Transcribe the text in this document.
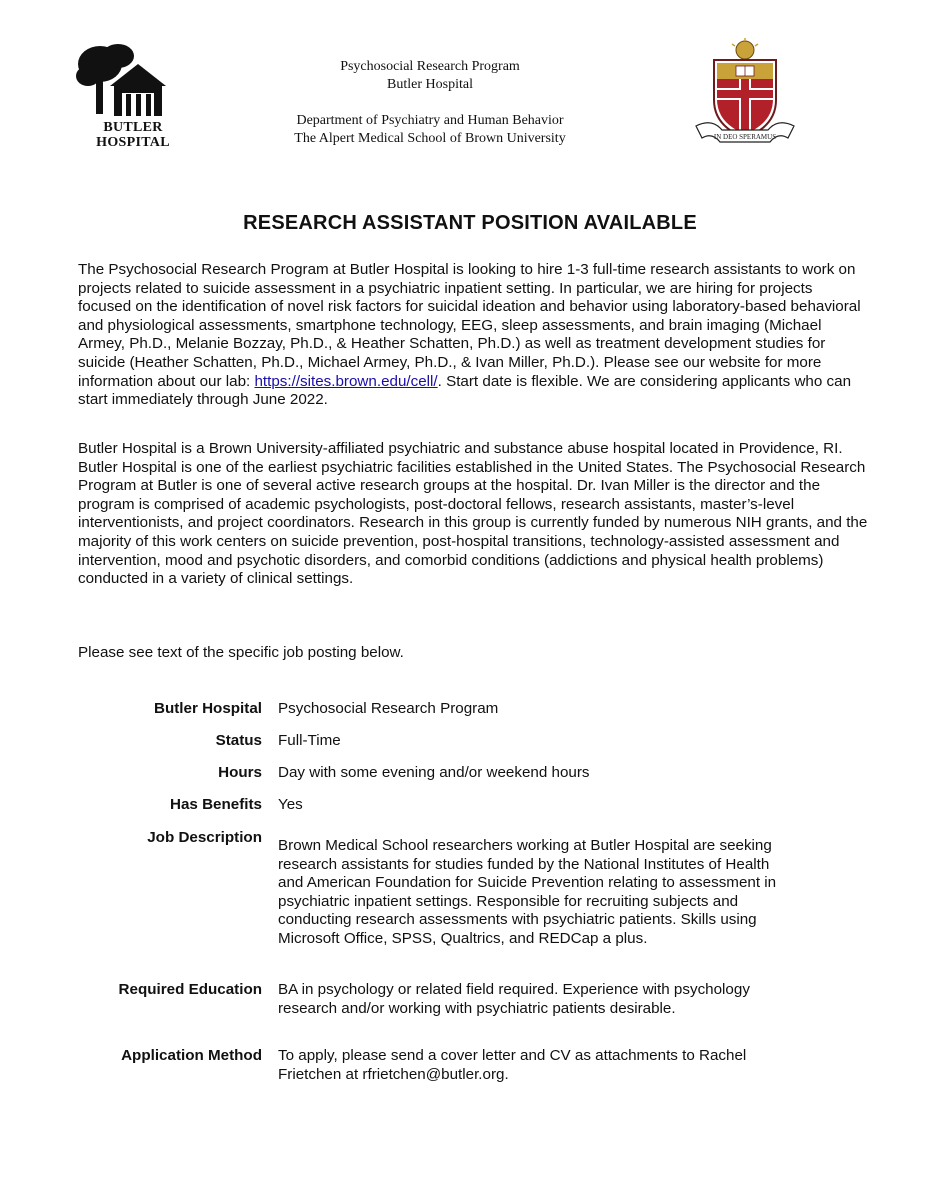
BUTLER
HOSPITAL
Psychosocial Research Program
Butler Hospital
Department of Psychiatry and Human Behavior
The Alpert Medical School of Brown University	IN DEO SPERAMUS
RESEARCH ASSISTANT POSITION AVAILABLE
The Psychosocial Research Program at Butler Hospital is looking to hire 1-3 full-time research assistants to work on projects related to suicide assessment in a psychiatric inpatient setting. In particular, we are hiring for projects focused on the identification of novel risk factors for suicidal ideation and behavior using laboratory-based behavioral and physiological assessments, smartphone technology, EEG, sleep assessments, and brain imaging (Michael Armey, Ph.D., Melanie Bozzay, Ph.D., & Heather Schatten, Ph.D.) as well as treatment development studies for suicide (Heather Schatten, Ph.D., Michael Armey, Ph.D., & Ivan Miller, Ph.D.). Please see our website for more information about our lab: https://sites.brown.edu/cell/. Start date is flexible. We are considering applicants who can start immediately through June 2022.
Butler Hospital is a Brown University-affiliated psychiatric and substance abuse hospital located in Providence, RI. Butler Hospital is one of the earliest psychiatric facilities established in the United States. The Psychosocial Research Program at Butler is one of several active research groups at the hospital. Dr. Ivan Miller is the director and the program is comprised of academic psychologists, post-doctoral fellows, research assistants, master’s-level interventionists, and project coordinators. Research in this group is currently funded by numerous NIH grants, and the majority of this work centers on suicide prevention, post-hospital transitions, technology-assisted assessment and intervention, mood and psychotic disorders, and comorbid conditions (addictions and physical health problems) conducted in a variety of clinical settings.
Please see text of the specific job posting below.
Butler Hospital Psychosocial Research Program
Status Full-Time
Hours Day with some evening and/or weekend hours
Has Benefits Yes
Job Description Brown Medical School researchers working at Butler Hospital are seeking research assistants for studies funded by the National Institutes of Health and American Foundation for Suicide Prevention relating to assessment in psychiatric inpatient settings. Responsible for recruiting subjects and conducting research assessments with psychiatric patients. Skills using Microsoft Office, SPSS, Qualtrics, and REDCap a plus.
Required Education BA in psychology or related field required. Experience with psychology research and/or working with psychiatric patients desirable.
Application Method To apply, please send a cover letter and CV as attachments to Rachel Frietchen at rfrietchen@butler.org.
